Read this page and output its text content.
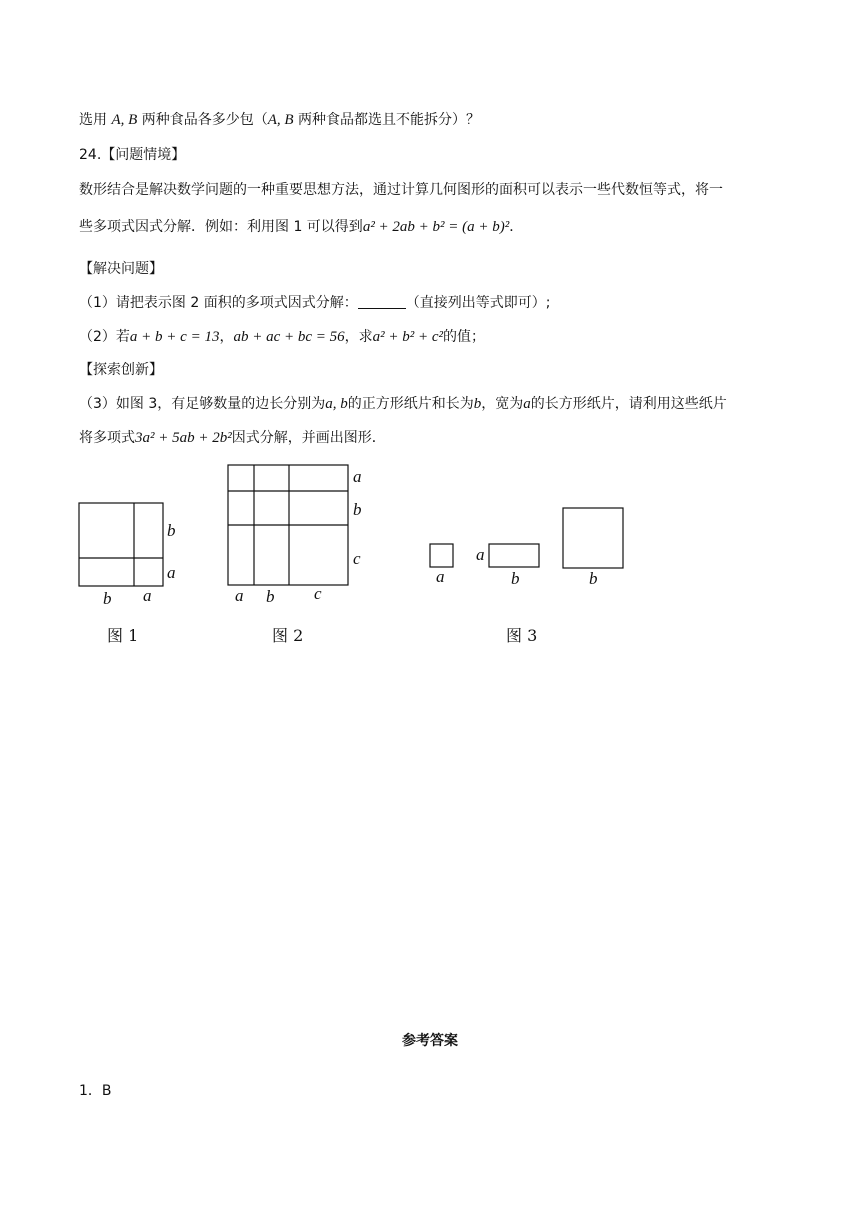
选用 A, B 两种食品各多少包（A, B 两种食品都选且不能拆分）？
24.【问题情境】
数形结合是解决数学问题的一种重要思想方法，通过计算几何图形的面积可以表示一些代数恒等式，将一
些多项式因式分解．例如：利用图 1 可以得到a² + 2ab + b² = (a + b)²．
【解决问题】
（1）请把表示图 2 面积的多项式因式分解：	（直接列出等式即可）;
（2）若a + b + c = 13，ab + ac + bc = 56，求a² + b² + c²的值；
【探索创新】
（3）如图 3，有足够数量的边长分别为a, b的正方形纸片和长为b，宽为a的长方形纸片，请利用这些纸片
将多项式3a² + 5ab + 2b²因式分解，并画出图形．
b
a
b a
a
b
c
a b c
a
a
b	b
图 1	图 2	图 3
参考答案
1．B
